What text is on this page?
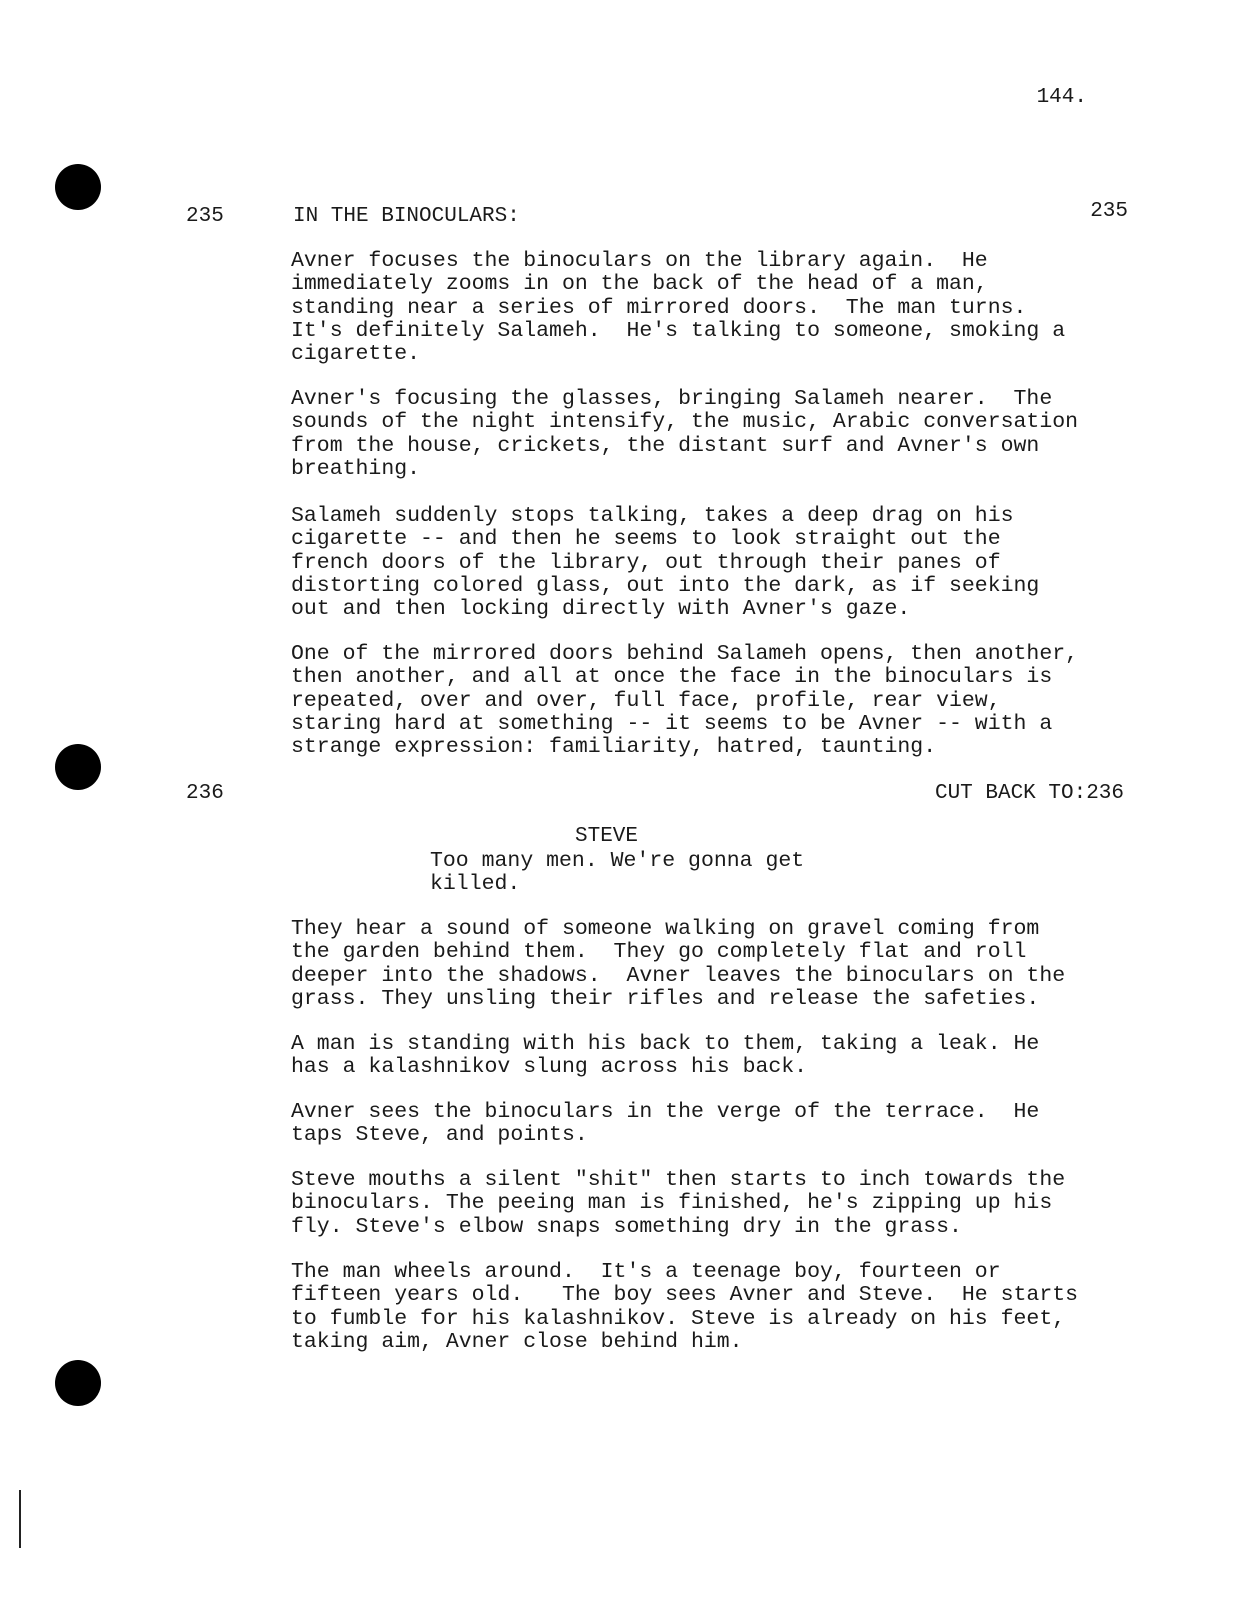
144.
235	IN THE BINOCULARS:	235

Avner focuses the binoculars on the library again.  He
immediately zooms in on the back of the head of a man,
standing near a series of mirrored doors.  The man turns.
It's definitely Salameh.  He's talking to someone, smoking a
cigarette.

Avner's focusing the glasses, bringing Salameh nearer.  The
sounds of the night intensify, the music, Arabic conversation
from the house, crickets, the distant surf and Avner's own
breathing.

Salameh suddenly stops talking, takes a deep drag on his
cigarette -- and then he seems to look straight out the
french doors of the library, out through their panes of
distorting colored glass, out into the dark, as if seeking
out and then locking directly with Avner's gaze.

One of the mirrored doors behind Salameh opens, then another,
then another, and all at once the face in the binoculars is
repeated, over and over, full face, profile, rear view,
staring hard at something -- it seems to be Avner -- with a
strange expression: familiarity, hatred, taunting.

236	CUT BACK TO:236
STEVE

Too many men. We're gonna get
killed.

They hear a sound of someone walking on gravel coming from
the garden behind them.  They go completely flat and roll
deeper into the shadows.  Avner leaves the binoculars on the
grass. They unsling their rifles and release the safeties.

A man is standing with his back to them, taking a leak. He
has a kalashnikov slung across his back.

Avner sees the binoculars in the verge of the terrace.  He
taps Steve, and points.

Steve mouths a silent "shit" then starts to inch towards the
binoculars. The peeing man is finished, he's zipping up his
fly. Steve's elbow snaps something dry in the grass.

The man wheels around.  It's a teenage boy, fourteen or
fifteen years old.   The boy sees Avner and Steve.  He starts
to fumble for his kalashnikov. Steve is already on his feet,
taking aim, Avner close behind him.
